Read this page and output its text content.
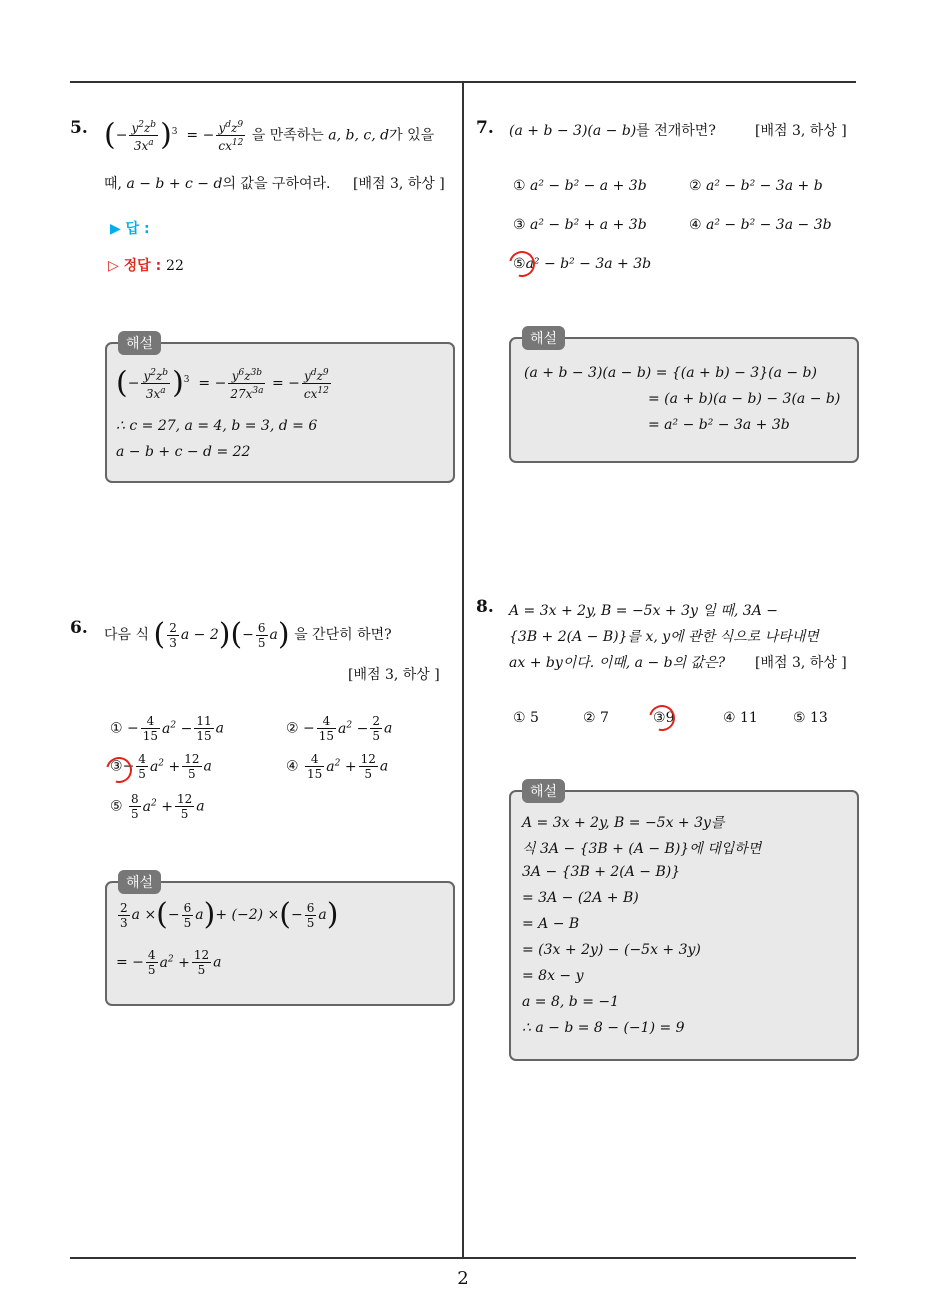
2
5. (− $\frac{y^2z^b}{3x^a} )^3$  = − $\frac{y^dz^9}{cx^{12}}$ 을 만족하는 a, b, c, d가 있을
때, a − b + c − d의 값을 구하여라. [배점 3, 하상 ]
▶ 답 :
▷ 정답 : 22
해설
(− $\frac{y^2z^b}{3x^a} )^3$  = − $\frac{y^6z^{3b}}{27x^{3a}}$ = − $\frac{y^dz^9}{cx^{12}}$
∴ c = 27, a = 4, b = 3, d = 6
a − b + c − d = 22
6. 다음 식 ( $\frac{2}{3}$ $a - 2)(- \frac{6}{5} a)$ 을 간단히 하면?
[배점 3, 하상 ]
① − $\frac{4}{15} a^2 - \frac{11}{15}$ a	② − $\frac{4}{15} a^2 - \frac{2}{5}$ a
③− $\frac{4}{5} a^2 + \frac{12}{5}$ a	④ $\frac{4}{15} a^2 + \frac{12}{5}$ a
⑤ $\frac{8}{5} a^2 + \frac{12}{5}$ a
해설
$\frac{2}{3}$ a ×(− $\frac{6}{5} a)+ (-2)$ ×(− $\frac{6}{5} a$)
= − $\frac{4}{5} a^2 + \frac{12}{5}$ a
7. (a + b − 3)(a − b)를 전개하면?	[배점 3, 하상 ]
① a² − b² − a + 3b	② a² − b² − 3a + b
③ a² − b² + a + 3b	④ a² − b² − 3a − 3b
⑤a² − b² − 3a + 3b
해설
(a + b − 3)(a − b) = {(a + b) − 3}(a − b)
= (a + b)(a − b) − 3(a − b)
= a² − b² − 3a + 3b
8. A = 3x + 2y, B = −5x + 3y 일 때, 3A −
{3B + 2(A − B)}를 x, y에 관한 식으로 나타내면
ax + by이다. 이때, a − b의 값은? [배점 3, 하상 ]
① 5	② 7	③9	④ 11	⑤ 13
해설
A = 3x + 2y, B = −5x + 3y를
식 3A − {3B + (A − B)}에 대입하면
3A − {3B + 2(A − B)}
= 3A − (2A + B)
= A − B
= (3x + 2y) − (−5x + 3y)
= 8x − y
a = 8, b = −1
∴ a − b = 8 − (−1) = 9
